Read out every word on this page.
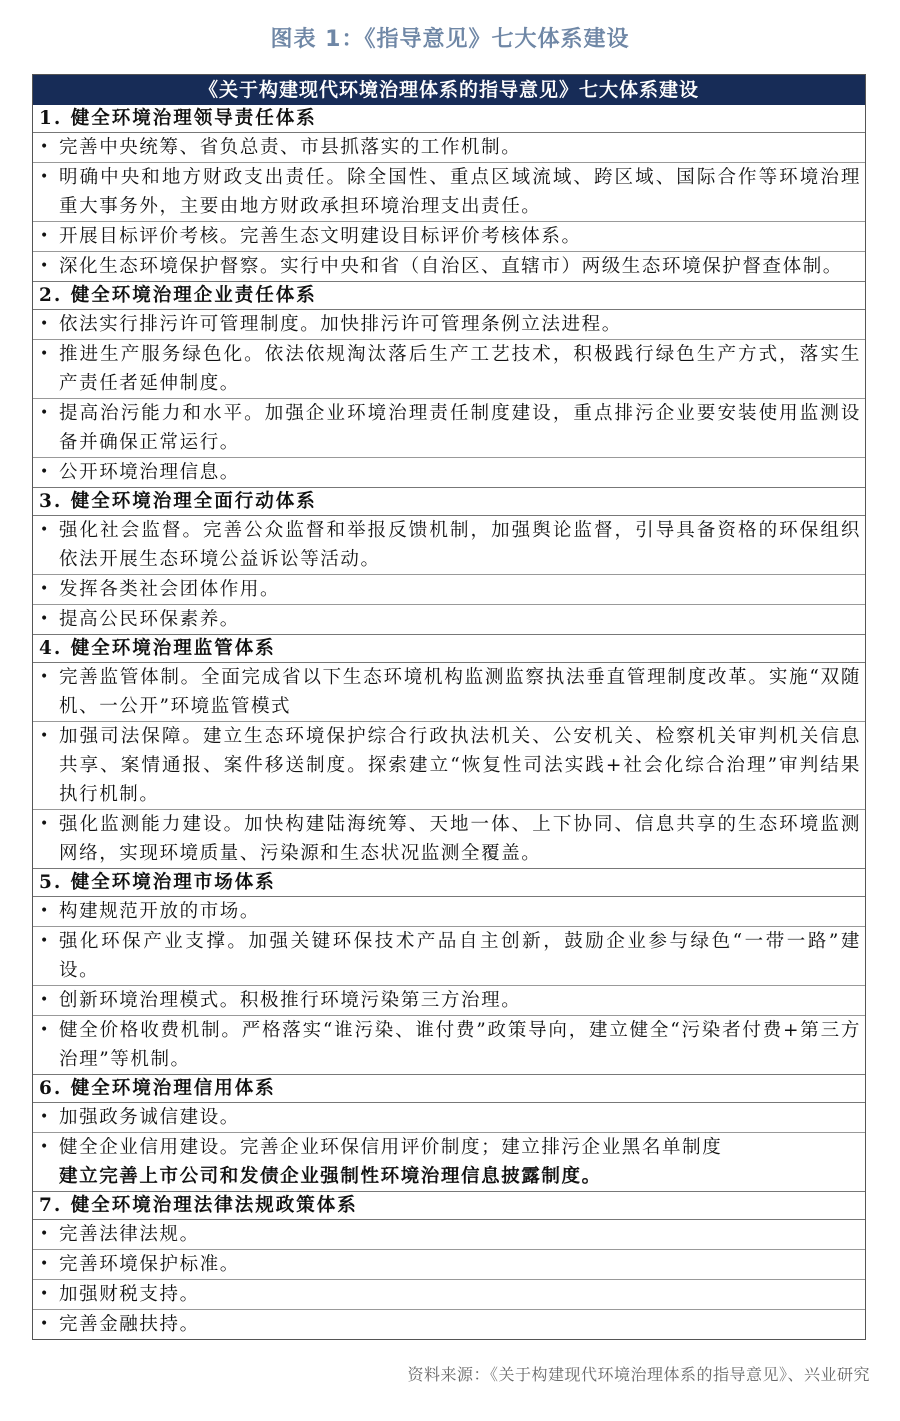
图表 1：《指导意见》七大体系建设
《关于构建现代环境治理体系的指导意见》七大体系建设
1. 健全环境治理领导责任体系
• 完善中央统筹、省负总责、市县抓落实的工作机制。
• 明确中央和地方财政支出责任。除全国性、重点区域流域、跨区域、国际合作等环境治理重大事务外，主要由地方财政承担环境治理支出责任。
• 开展目标评价考核。完善生态文明建设目标评价考核体系。
• 深化生态环境保护督察。实行中央和省（自治区、直辖市）两级生态环境保护督查体制。
2. 健全环境治理企业责任体系
• 依法实行排污许可管理制度。加快排污许可管理条例立法进程。
• 推进生产服务绿色化。依法依规淘汰落后生产工艺技术，积极践行绿色生产方式，落实生产责任者延伸制度。
• 提高治污能力和水平。加强企业环境治理责任制度建设，重点排污企业要安装使用监测设备并确保正常运行。
• 公开环境治理信息。
3. 健全环境治理全面行动体系
• 强化社会监督。完善公众监督和举报反馈机制，加强舆论监督，引导具备资格的环保组织依法开展生态环境公益诉讼等活动。
• 发挥各类社会团体作用。
• 提高公民环保素养。
4. 健全环境治理监管体系
• 完善监管体制。全面完成省以下生态环境机构监测监察执法垂直管理制度改革。实施“双随机、一公开”环境监管模式
• 加强司法保障。建立生态环境保护综合行政执法机关、公安机关、检察机关审判机关信息共享、案情通报、案件移送制度。探索建立“恢复性司法实践+社会化综合治理”审判结果执行机制。
• 强化监测能力建设。加快构建陆海统筹、天地一体、上下协同、信息共享的生态环境监测网络，实现环境质量、污染源和生态状况监测全覆盖。
5. 健全环境治理市场体系
• 构建规范开放的市场。
• 强化环保产业支撑。加强关键环保技术产品自主创新，鼓励企业参与绿色“一带一路”建设。
• 创新环境治理模式。积极推行环境污染第三方治理。
• 健全价格收费机制。严格落实“谁污染、谁付费”政策导向，建立健全“污染者付费+第三方治理”等机制。
6. 健全环境治理信用体系
• 加强政务诚信建设。
• 健全企业信用建设。完善企业环保信用评价制度；建立排污企业黑名单制度
建立完善上市公司和发债企业强制性环境治理信息披露制度。
7. 健全环境治理法律法规政策体系
• 完善法律法规。
• 完善环境保护标准。
• 加强财税支持。
• 完善金融扶持。
资料来源：《关于构建现代环境治理体系的指导意见》、兴业研究
